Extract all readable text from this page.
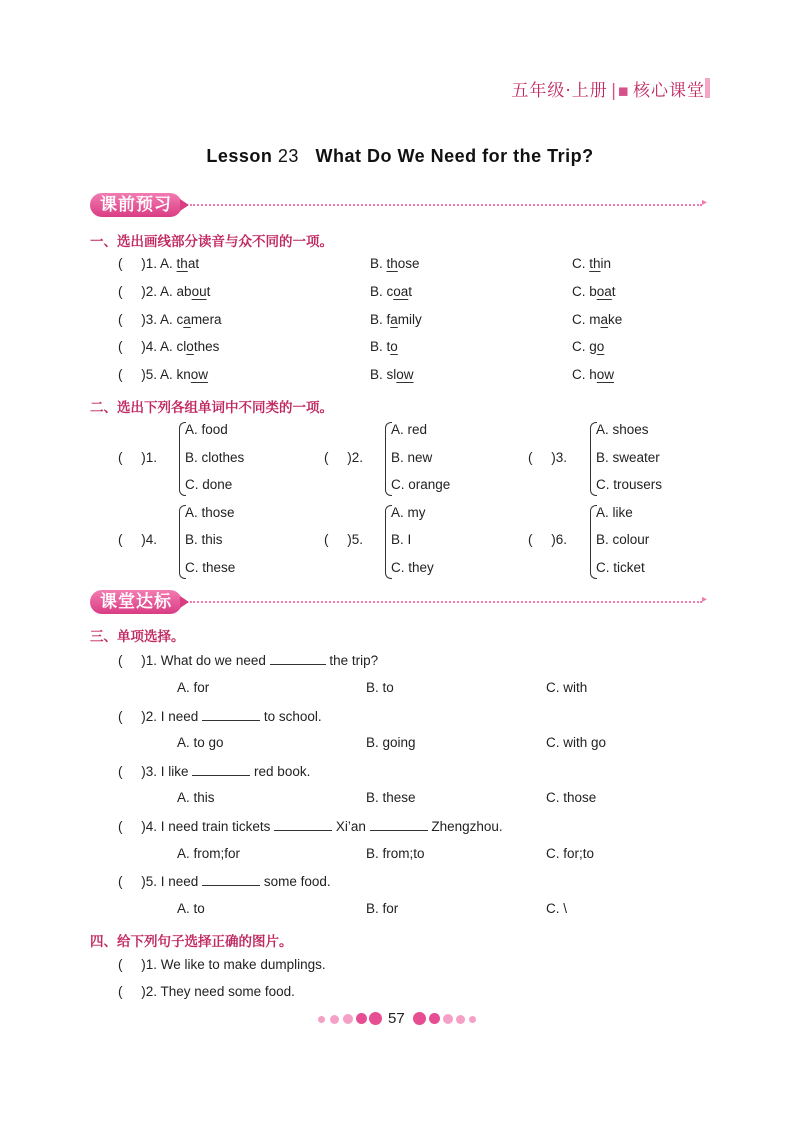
五年级·上册 |▪ 核心课堂
Lesson 23 What Do We Need for the Trip?
课前预习	▸
一、选出画线部分读音与众不同的一项。
(     )1. A. that	B. those	C. thin
(     )2. A. about	B. coat	C. boat
(     )3. A. camera	B. family	C. make
(     )4. A. clothes	B. to	C. go
(     )5. A. know	B. slow	C. how
二、选出下列各组单词中不同类的一项。
(     )1.
A. food
B. clothes
C. done
(     )2.
A. red
B. new
C. orange
(     )3.
A. shoes
B. sweater
C. trousers
(     )4.
A. those
B. this
C. these
(     )5.
A. my
B. I
C. they
(     )6.
A. like
B. colour
C. ticket
课堂达标	▸
三、单项选择。
(     )1. What do we need	the trip?
A. for	B. to	C. with
(     )2. I need	to school.
A. to go	B. going	C. with go
(     )3. I like	red book.
A. this	B. these	C. those
(     )4. I need train tickets	Xi’an	Zhengzhou.
A. from;for	B. from;to	C. for;to
(     )5. I need	some food.
A. to	B. for	C. \
四、给下列句子选择正确的图片。
(     )1. We like to make dumplings.
(     )2. They need some food.
57
